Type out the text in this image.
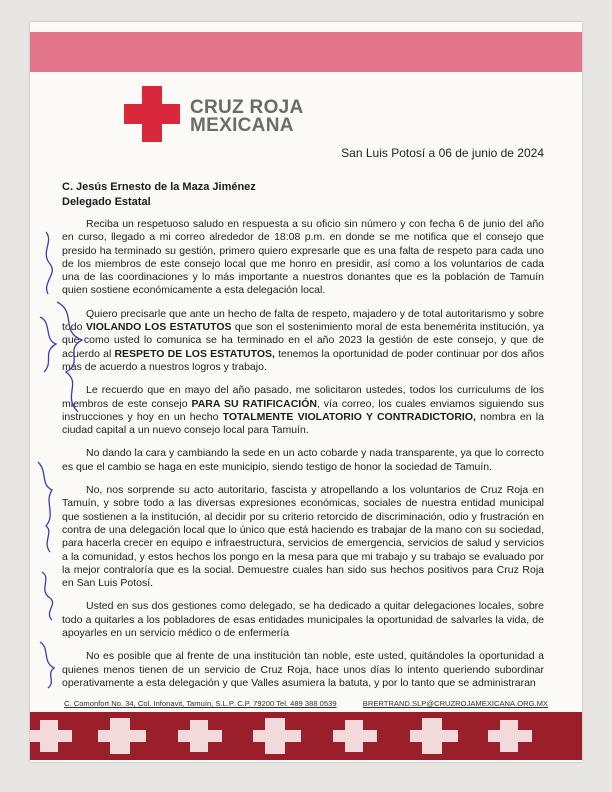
CRUZ ROJA
MEXICANA
San Luis Potosí a 06 de junio de 2024
C. Jesús Ernesto de la Maza Jiménez
Delegado Estatal

Reciba un respetuoso saludo en respuesta a su oficio sin número y con fecha 6 de junio del año en curso, llegado a mi correo alrededor de 18:08 p.m. en donde se me notifica que el consejo que presido ha terminado su gestión, primero quiero expresarle que es una falta de respeto para cada uno de los miembros de este consejo local que me honro en presidir, así como a los voluntarios de cada una de las coordinaciones y lo más importante a nuestros donantes que es la población de Tamuín quien sostiene económicamente a esta delegación local.

Quiero precisarle que ante un hecho de falta de respeto, majadero y de total autoritarismo y sobre todo VIOLANDO LOS ESTATUTOS que son el sostenimiento moral de esta benemérita institución, ya que como usted lo comunica se ha terminado en el año 2023 la gestión de este consejo, y que de acuerdo al RESPETO DE LOS ESTATUTOS, tenemos la oportunidad de poder continuar por dos años más de acuerdo a nuestros logros y trabajo.

Le recuerdo que en mayo del año pasado, me solicitaron ustedes, todos los curriculums de los miembros de este consejo PARA SU RATIFICACIÓN, vía correo, los cuales enviamos siguiendo sus instrucciones y hoy en un hecho TOTALMENTE VIOLATORIO Y CONTRADICTORIO, nombra en la ciudad capital a un nuevo consejo local para Tamuín.

No dando la cara y cambiando la sede en un acto cobarde y nada transparente, ya que lo correcto es que el cambio se haga en este municipio, siendo testigo de honor la sociedad de Tamuín.

No, nos sorprende su acto autoritario, fascista y atropellando a los voluntarios de Cruz Roja en Tamuín, y sobre todo a las diversas expresiones económicas, sociales de nuestra entidad municipal que sostienen a la institución, al decidir por su criterio retorcido de discriminación, odio y frustración en contra de una delegación local que lo único que está haciendo es trabajar de la mano con su sociedad, para hacerla crecer en equipo e infraestructura, servicios de emergencia, servicios de salud y servicios a la comunidad, y estos hechos los pongo en la mesa para que mi trabajo y su trabajo se evaluado por la mejor contraloría que es la social. Demuestre cuales han sido sus hechos positivos para Cruz Roja en San Luis Potosí.

Usted en sus dos gestiones como delegado, se ha dedicado a quitar delegaciones locales, sobre todo a quitarles a los pobladores de esas entidades municipales la oportunidad de salvarles la vida, de apoyarles en un servicio médico o de enfermería

No es posible que al frente de una institución tan noble, este usted, quitándoles la oportunidad a quienes menos tienen de un servicio de Cruz Roja, hace unos días lo intento queriendo subordinar operativamente a esta delegación y que Valles asumiera la batuta, y por lo tanto que se administraran

C. Comonfort No. 34, Col. Infonavit, Tamuín, S.L.P. C.P. 79200 Tel. 489 388 0539	BRERTRAND.SLP@CRUZROJAMEXICANA.ORG.MX
